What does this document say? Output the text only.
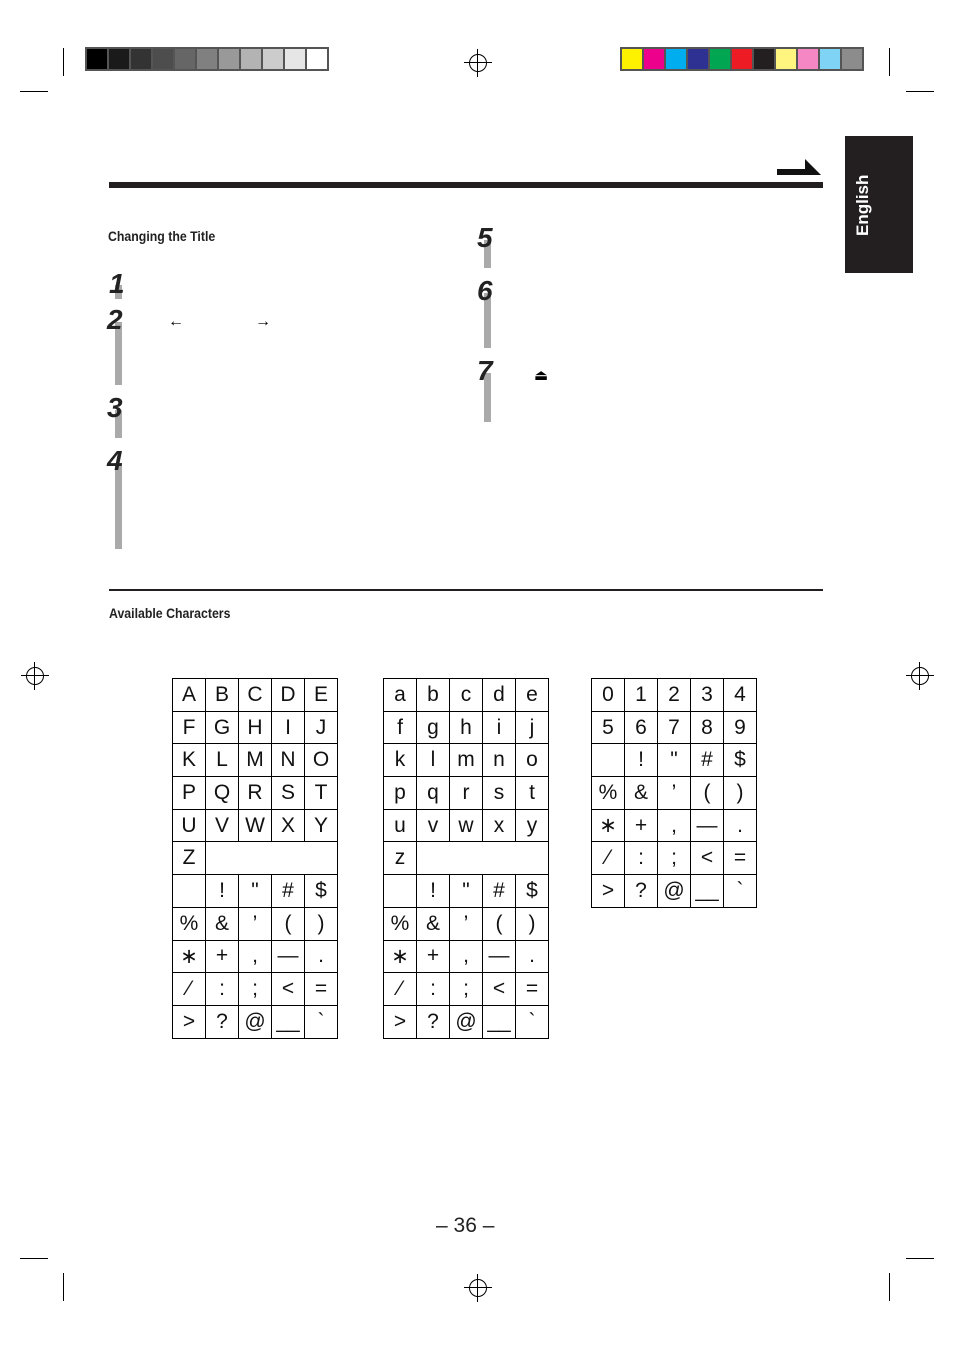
English
Changing the Title
1
2
3
4
5
6
7
←	→
⏏
Available Characters
A	B	C	D	E
F	G	H	I	J
K	L	M	N	O
P	Q	R	S	T
U	V	W	X	Y
Z				
	!	"	#	$
%	&	’	(	)
∗	+	,	—	.
⁄	:	;	<	=
>	?	@	__	`
a	b	c	d	e
f	g	h	i	j
k	l	m	n	o
p	q	r	s	t
u	v	w	x	y
z				
	!	"	#	$
%	&	’	(	)
∗	+	,	—	.
⁄	:	;	<	=
>	?	@	__	`
0	1	2	3	4
5	6	7	8	9
	!	"	#	$
%	&	’	(	)
∗	+	,	—	.
⁄	:	;	<	=
>	?	@	__	`
– 36 –
